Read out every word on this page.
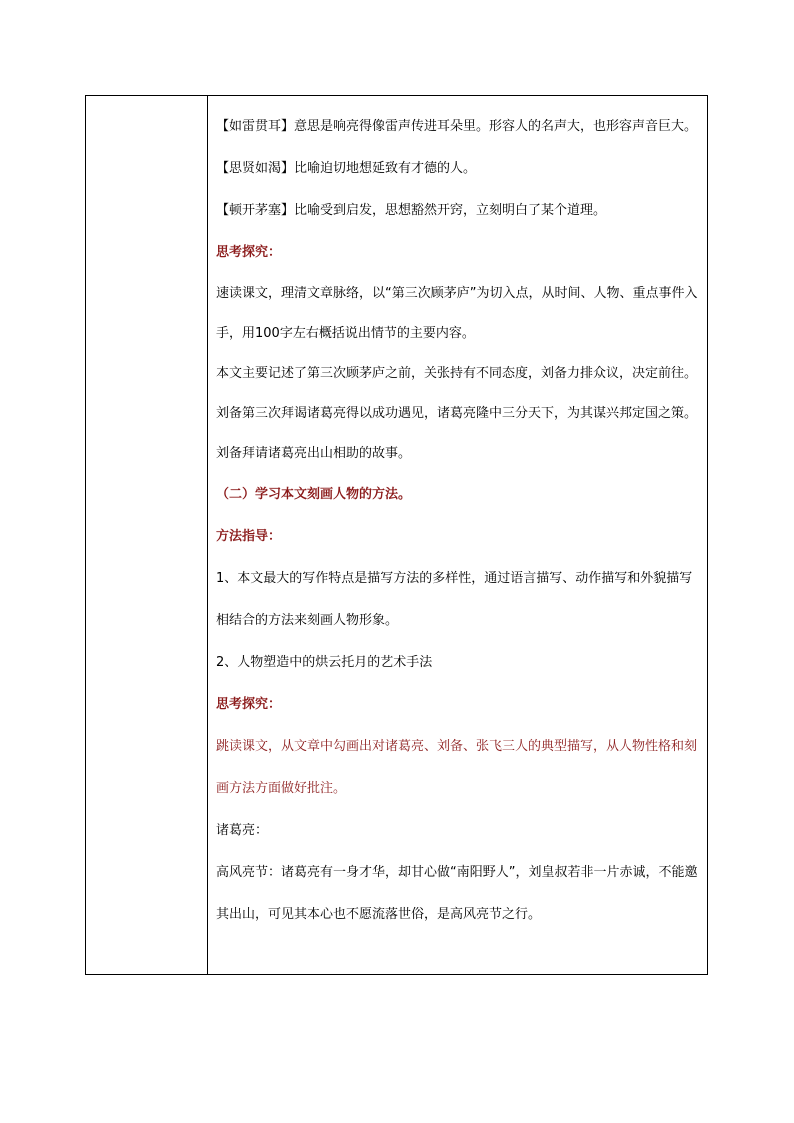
【如雷贯耳】意思是响亮得像雷声传进耳朵里。形容人的名声大，也形容声音巨大。

【思贤如渴】比喻迫切地想延致有才德的人。

【顿开茅塞】比喻受到启发，思想豁然开窍，立刻明白了某个道理。

思考探究：

速读课文，理清文章脉络，以“第三次顾茅庐”为切入点，从时间、人物、重点事件入手，用100字左右概括说出情节的主要内容。

本文主要记述了第三次顾茅庐之前，关张持有不同态度，刘备力排众议，决定前往。刘备第三次拜谒诸葛亮得以成功遇见，诸葛亮隆中三分天下，为其谋兴邦定国之策。刘备拜请诸葛亮出山相助的故事。

（二）学习本文刻画人物的方法。

方法指导：

1、本文最大的写作特点是描写方法的多样性，通过语言描写、动作描写和外貌描写相结合的方法来刻画人物形象。

2、人物塑造中的烘云托月的艺术手法

思考探究：

跳读课文，从文章中勾画出对诸葛亮、刘备、张飞三人的典型描写，从人物性格和刻画方法方面做好批注。

诸葛亮：

高风亮节：诸葛亮有一身才华，却甘心做“南阳野人”，刘皇叔若非一片赤诚，不能邀其出山，可见其本心也不愿流落世俗，是高风亮节之行。
